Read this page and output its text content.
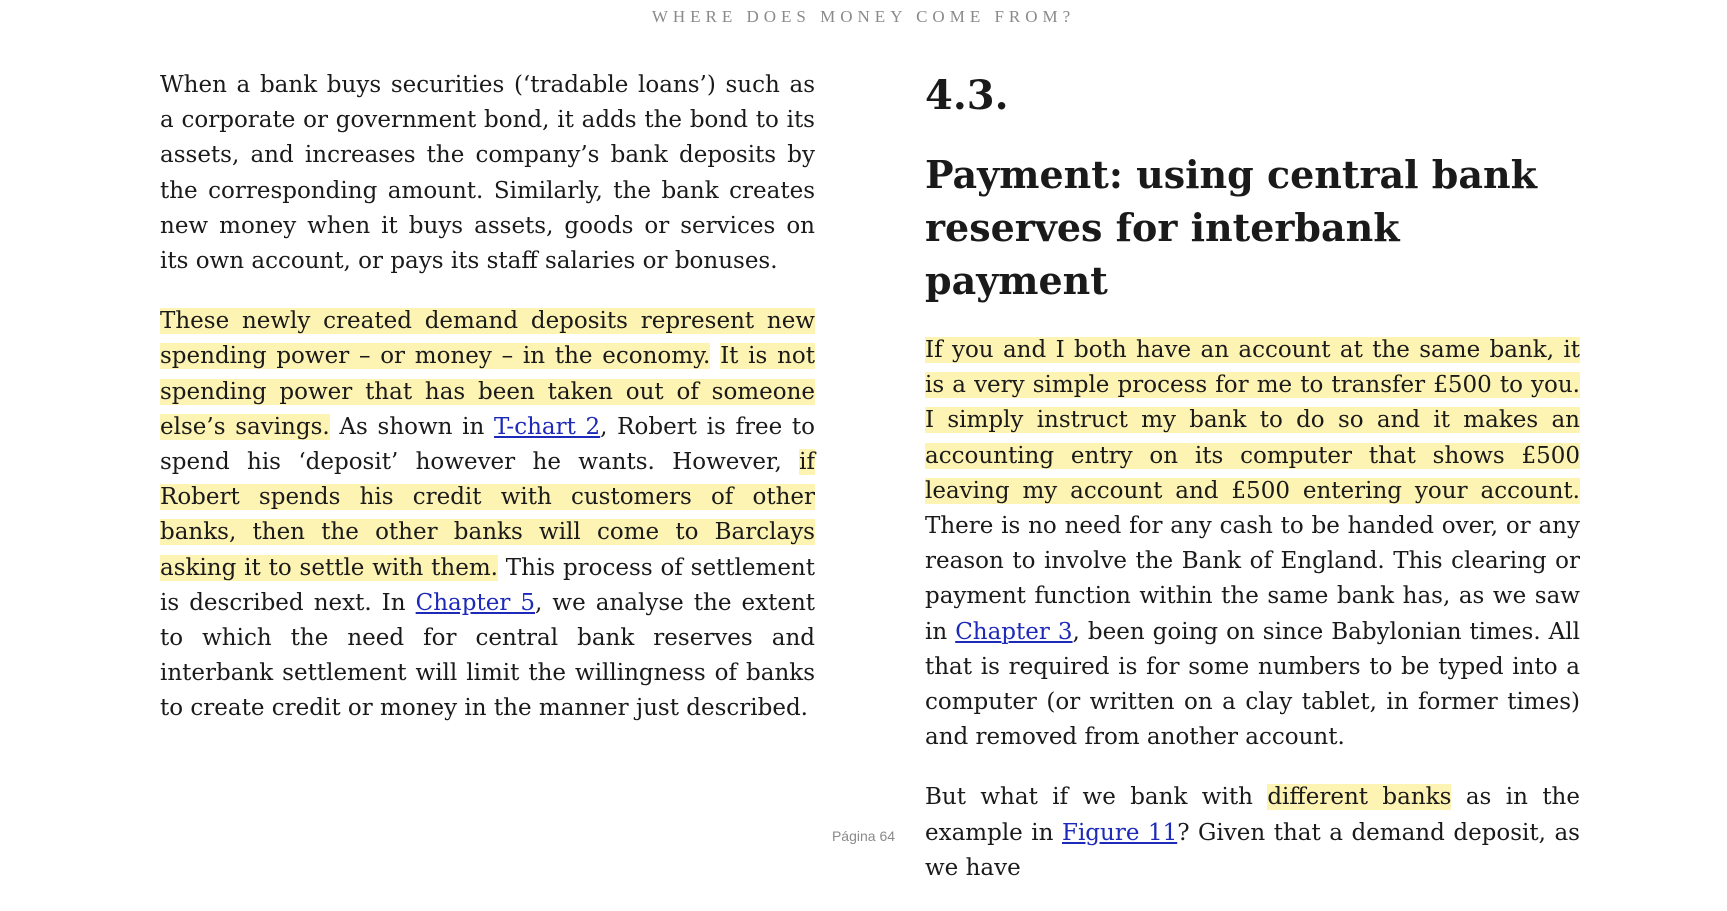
WHERE DOES MONEY COME FROM?

When a bank buys securities (‘tradable loans’) such as a corporate or government bond, it adds the bond to its assets, and increases the company’s bank deposits by the corresponding amount. Similarly, the bank creates new money when it buys assets, goods or services on its own account, or pays its staff salaries or bonuses.

These newly created demand deposits represent new spending power – or money – in the economy. It is not spending power that has been taken out of someone else’s savings. As shown in T-chart 2, Robert is free to spend his ‘deposit’ however he wants. However, if Robert spends his credit with customers of other banks, then the other banks will come to Barclays asking it to settle with them. This process of settlement is described next. In Chapter 5, we analyse the extent to which the need for central bank reserves and interbank settlement will limit the willingness of banks to create credit or money in the manner just described.

4.3.
Payment: using central bank reserves for interbank payment

If you and I both have an account at the same bank, it is a very simple process for me to transfer £500 to you. I simply instruct my bank to do so and it makes an accounting entry on its computer that shows £500 leaving my account and £500 entering your account. There is no need for any cash to be handed over, or any reason to involve the Bank of England. This clearing or payment function within the same bank has, as we saw in Chapter 3, been going on since Babylonian times. All that is required is for some numbers to be typed into a computer (or written on a clay tablet, in former times) and removed from another account.

But what if we bank with different banks as in the example in Figure 11? Given that a demand deposit, as we have

Página 64
